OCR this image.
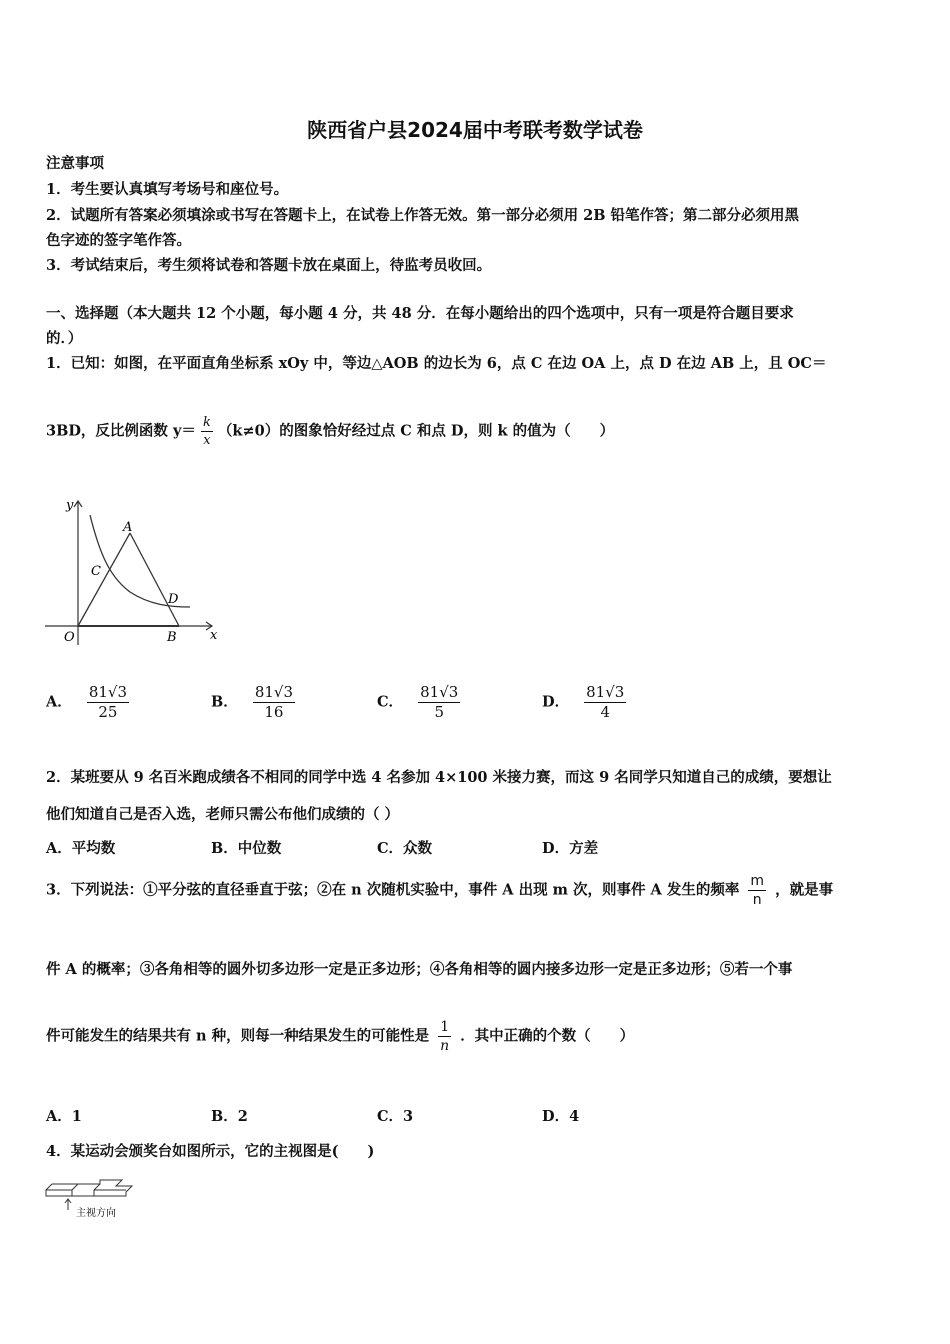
陕西省户县2024届中考联考数学试卷
注意事项
1．考生要认真填写考场号和座位号。
2．试题所有答案必须填涂或书写在答题卡上，在试卷上作答无效。第一部分必须用 2B 铅笔作答；第二部分必须用黑
色字迹的签字笔作答。
3．考试结束后，考生须将试卷和答题卡放在桌面上，待监考员收回。
一、选择题（本大题共 12 个小题，每小题 4 分，共 48 分．在每小题给出的四个选项中，只有一项是符合题目要求
的．）
1．已知：如图，在平面直角坐标系 xOy 中，等边△AOB 的边长为 6，点 C 在边 OA 上，点 D 在边 AB 上，且 OC＝
3BD，反比例函数 $y= \frac{k}{x} (k\ne 0)$的图象恰好经过点 C 和点 D，则 k 的值为（　　）
y
x
O
A
B
C
D
A． $\frac{81√3}{25}$	B． $\frac{81√3}{16}$	C． $\frac{81√3}{5}$	D． $\frac{81√3}{4}$
2．某班要从 9 名百米跑成绩各不相同的同学中选 4 名参加 4×100 米接力赛，而这 9 名同学只知道自己的成绩，要想让
他们知道自己是否入选，老师只需公布他们成绩的（ ）
A．平均数	B．中位数	C．众数	D．方差
3．下列说法：①平分弦的直径垂直于弦；②在 n 次随机实验中，事件 A 出现 m 次，则事件 A 发生的频率 $\frac{m}{n}$ ，就是事
件 A 的概率；③各角相等的圆外切多边形一定是正多边形；④各角相等的圆内接多边形一定是正多边形；⑤若一个事
件可能发生的结果共有 n 种，则每一种结果发生的可能性是 $\frac{1}{n}$ ．其中正确的个数（　　）
A．1	B．2	C．3	D．4
4．某运动会颁奖台如图所示，它的主视图是(　　)
主视方向
